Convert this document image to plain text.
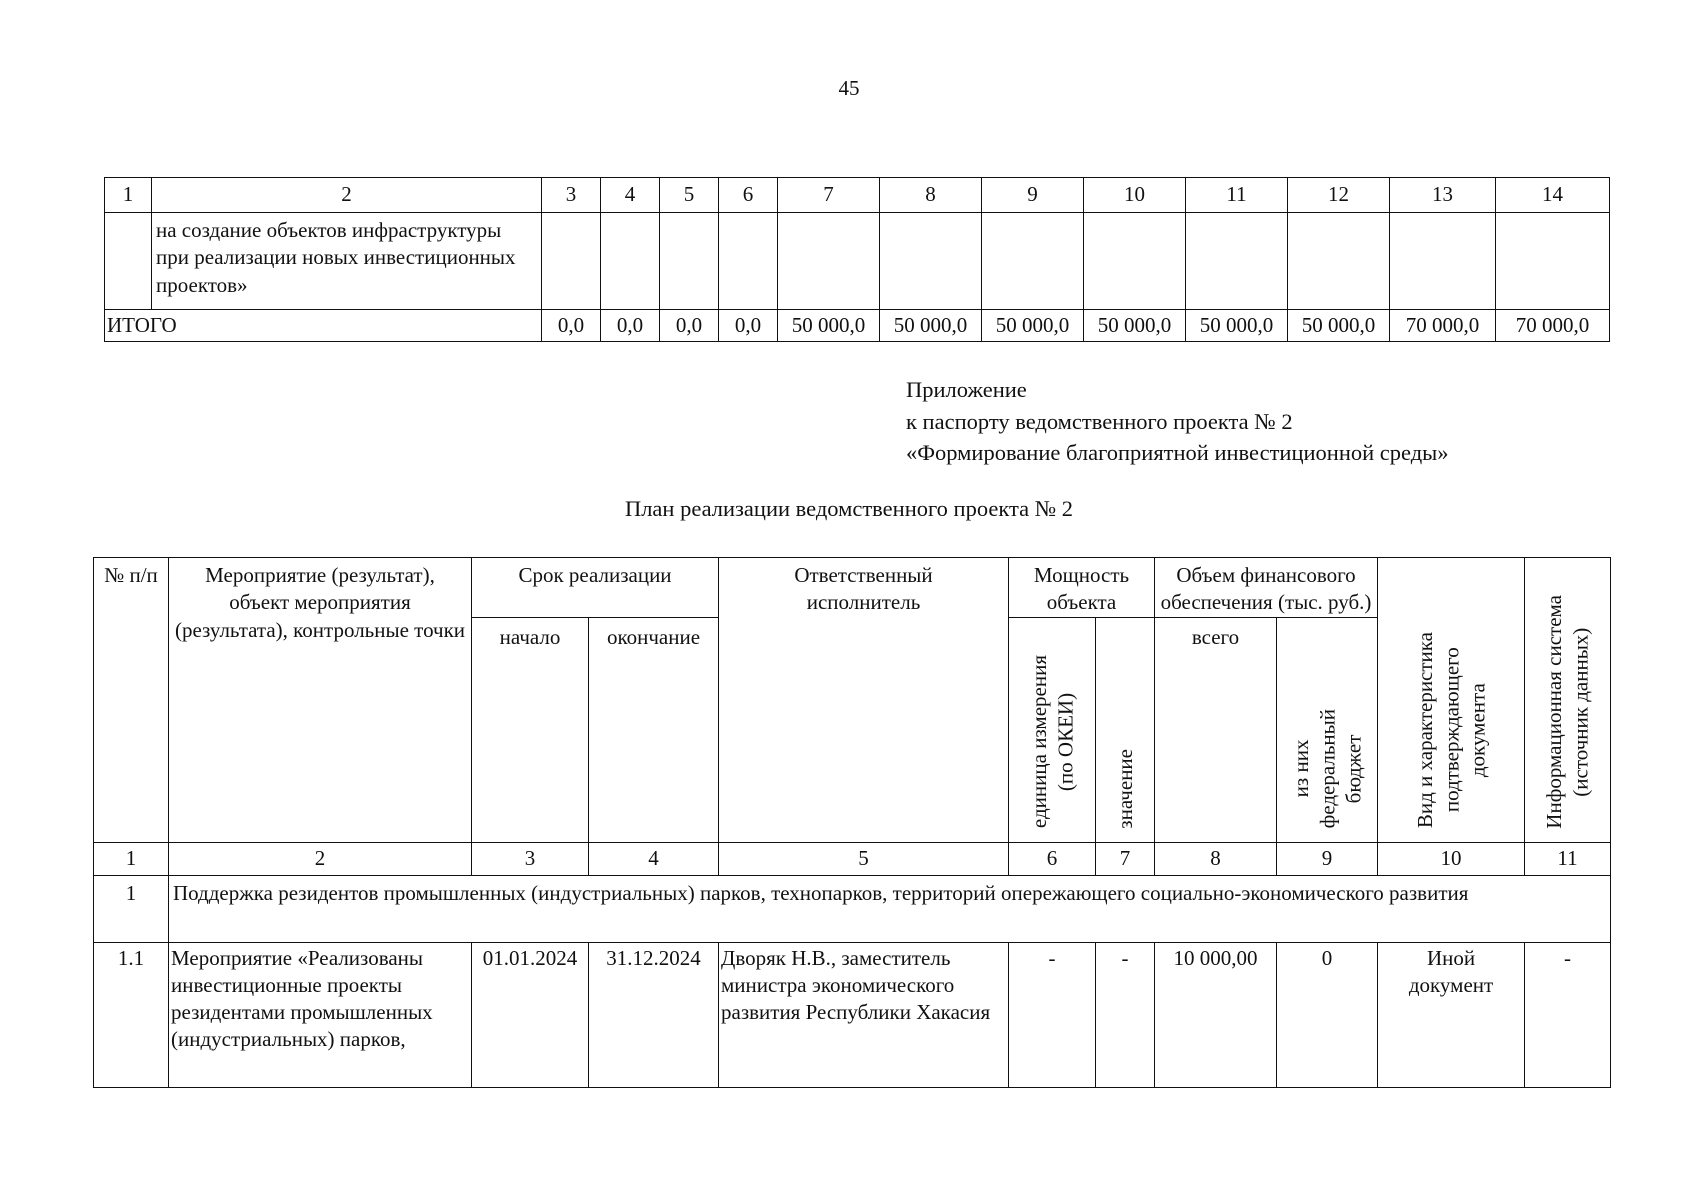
45
1	2	3	4	5	6	7	8	9	10	11	12	13	14
	на создание объектов инфраструктуры при реализации новых инвестиционных проектов»												
ИТОГО		0,0	0,0	0,0	0,0	50 000,0	50 000,0	50 000,0	50 000,0	50 000,0	50 000,0	70 000,0	70 000,0
Приложение
к паспорту ведомственного проекта № 2
«Формирование благоприятной инвестиционной среды»
План реализации ведомственного проекта № 2
№ п/п	Мероприятие (результат), объект мероприятия (результата), контрольные точки	Срок реализации		Ответственный исполнитель	Мощность объекта		Объем финансового обеспечения (тыс. руб.)		Вид и характеристика подтверждающего документа	Информационная система (источник данных)
		начало	окончание		единица измерения (по ОКЕИ)	значение	всего	из них федеральный бюджет		
1	2	3	4	5	6	7	8	9	10	11
1	Поддержка резидентов промышленных (индустриальных) парков, технопарков, территорий опережающего социально-экономического развития									
1.1	Мероприятие «Реализованы инвестиционные проекты резидентами промышленных (индустриальных) парков,	01.01.2024	31.12.2024	Дворяк Н.В., заместитель министра экономического развития Республики Хакасия	-	-	10 000,00	0	Иной документ	-
